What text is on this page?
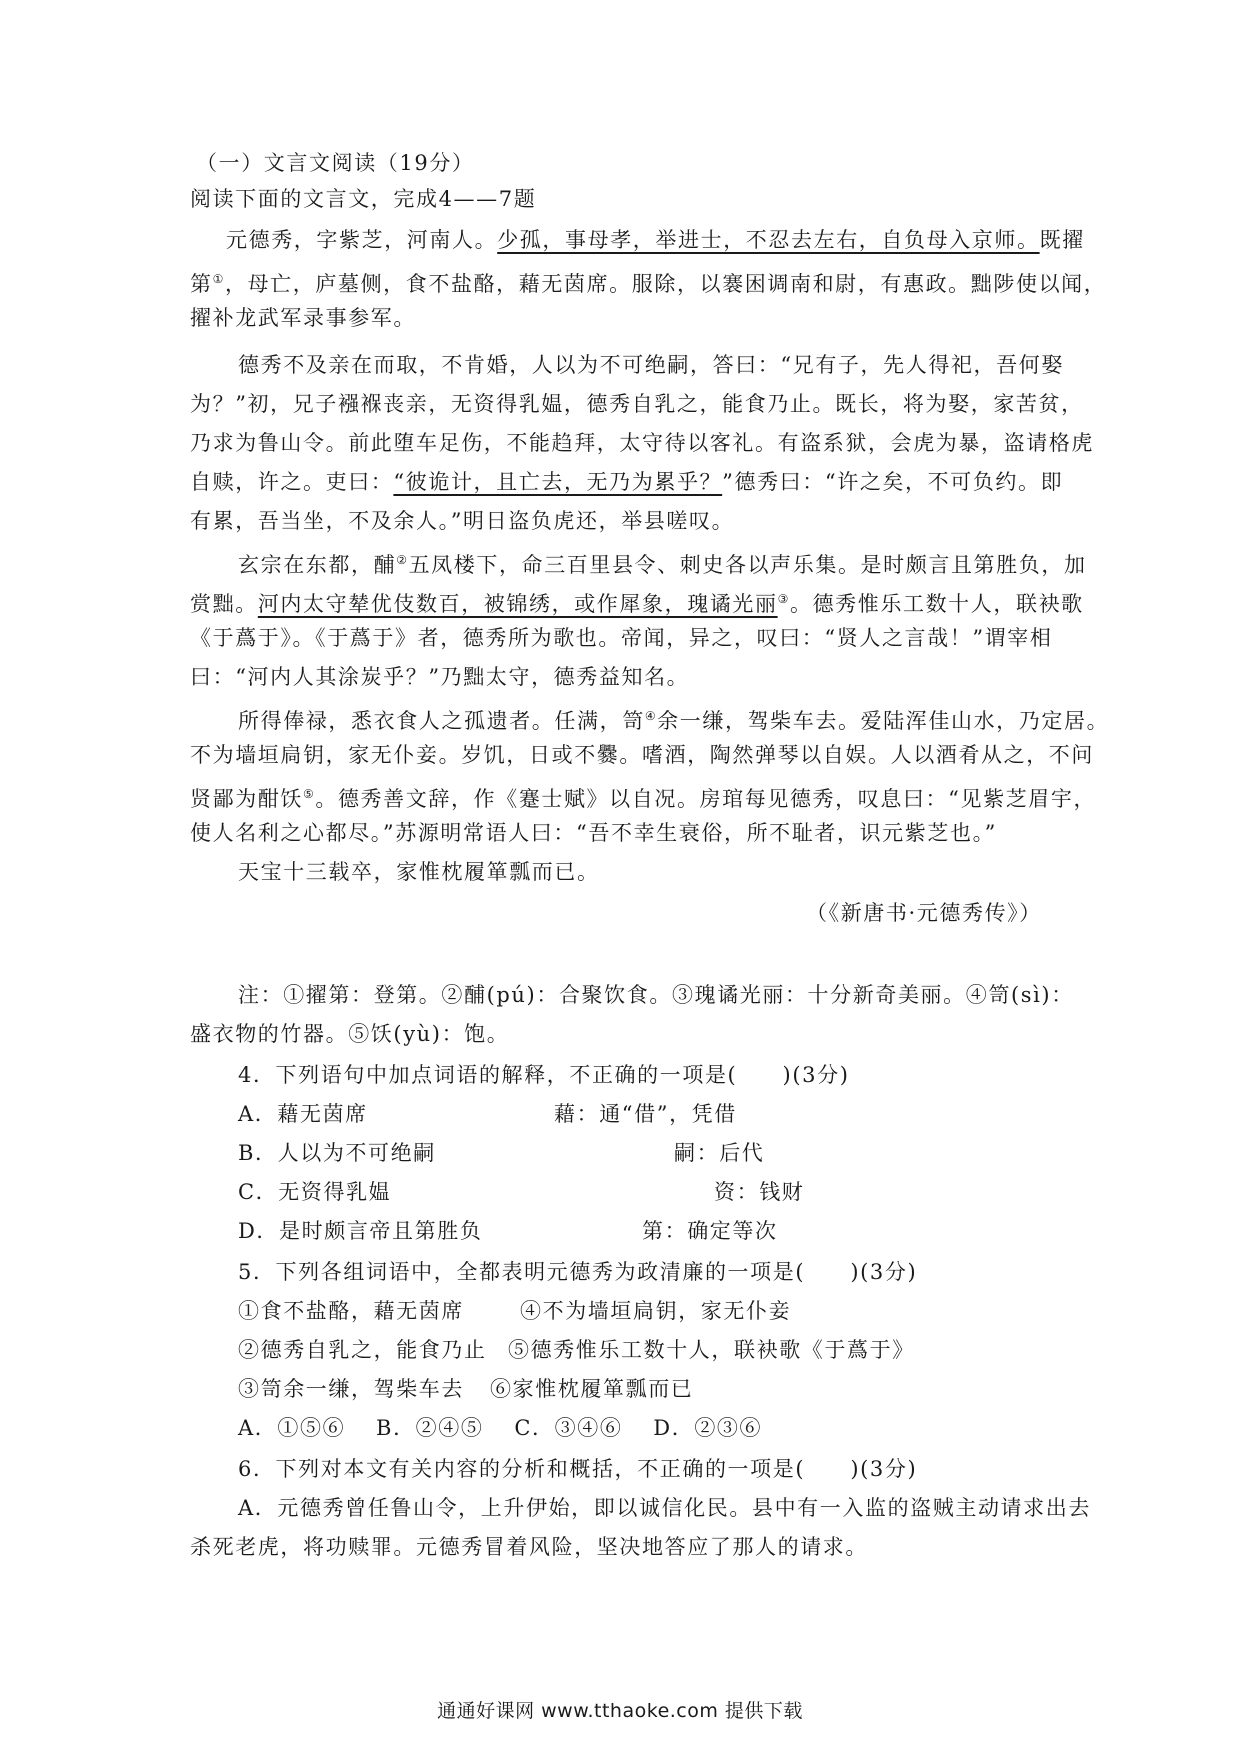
（一）文言文阅读（19分）
阅读下面的文言文，完成4——7题
元德秀，字紫芝，河南人。少孤，事母孝，举进士，不忍去左右，自负母入京师。既擢
第①，母亡，庐墓侧，食不盐酪，藉无茵席。服除，以褰困调南和尉，有惠政。黜陟使以闻，
擢补龙武军录事参军。
德秀不及亲在而取，不肯婚，人以为不可绝嗣，答曰：“兄有子，先人得祀，吾何娶
为？”初，兄子襁褓丧亲，无资得乳媪，德秀自乳之，能食乃止。既长，将为娶，家苦贫，
乃求为鲁山令。前此堕车足伤，不能趋拜，太守待以客礼。有盗系狱，会虎为暴，盗请格虎
自赎，许之。吏曰：“彼诡计，且亡去，无乃为累乎？”德秀曰：“许之矣，不可负约。即
有累，吾当坐，不及余人。”明日盗负虎还，举县嗟叹。
玄宗在东都，酺②五凤楼下，命三百里县令、刺史各以声乐集。是时颇言且第胜负，加
赏黜。河内太守辇优伎数百，被锦绣，或作犀象，瑰谲光丽③。德秀惟乐工数十人，联袂歌
《于蔿于》。《于蔿于》者，德秀所为歌也。帝闻，异之，叹曰：“贤人之言哉！”谓宰相
曰：“河内人其涂炭乎？”乃黜太守，德秀益知名。
所得俸禄，悉衣食人之孤遗者。任满，笥④余一缣，驾柴车去。爱陆浑佳山水，乃定居。
不为墙垣扃钥，家无仆妾。岁饥，日或不爨。嗜酒，陶然弹琴以自娱。人以酒肴从之，不问
贤鄙为酣饫⑤。德秀善文辞，作《蹇士赋》以自况。房琯每见德秀，叹息曰：“见紫芝眉宇，
使人名利之心都尽。”苏源明常语人曰：“吾不幸生衰俗，所不耻者，识元紫芝也。”
天宝十三载卒，家惟枕履箪瓢而已。
（《新唐书·元德秀传》）
注：①擢第：登第。②酺(pú)：合聚饮食。③瑰谲光丽：十分新奇美丽。④笥(sì)：
盛衣物的竹器。⑤饫(yù)：饱。
4．下列语句中加点词语的解释，不正确的一项是(　　)(3分)
A．藉无茵席	藉：通“借”，凭借
B．人以为不可绝嗣	嗣：后代
C．无资得乳媪	资：钱财
D．是时颇言帝且第胜负	第：确定等次
5．下列各组词语中，全都表明元德秀为政清廉的一项是(　　)(3分)
①食不盐酪，藉无茵席	④不为墙垣扃钥，家无仆妾
②德秀自乳之，能食乃止 ⑤德秀惟乐工数十人，联袂歌《于蔿于》
③笥余一缣，驾柴车去 ⑥家惟枕履箪瓢而已
A．①⑤⑥　 B．②④⑤　 C．③④⑥　 D．②③⑥
6．下列对本文有关内容的分析和概括，不正确的一项是(　　)(3分)
A．元德秀曾任鲁山令，上升伊始，即以诚信化民。县中有一入监的盗贼主动请求出去
杀死老虎，将功赎罪。元德秀冒着风险，坚决地答应了那人的请求。
通通好课网 www.tthaoke.com 提供下载
